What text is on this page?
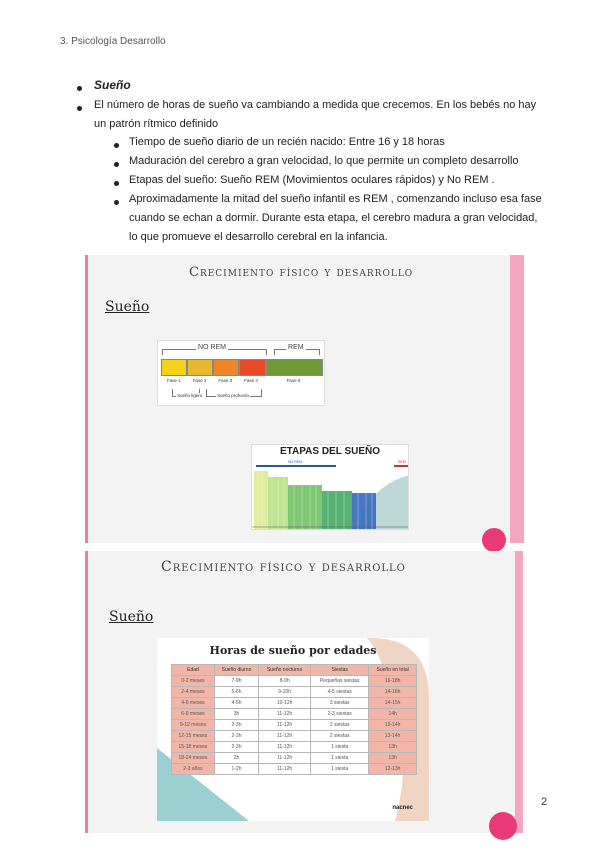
3. Psicología Desarrollo
Sueño
El número de horas de sueño va cambiando a medida que crecemos. En los bebés no hay
un patrón rítmico definido
Tiempo de sueño diario de un recién nacido: Entre 16 y 18 horas
Maduración del cerebro a gran velocidad, lo que permite un completo desarrollo
Etapas del sueño: Sueño REM (Movimientos oculares rápidos) y No REM .
Aproximadamente la mitad del sueño infantil es REM , comenzando incluso esa fase
cuando se echan a dormir. Durante esta etapa, el cerebro madura a gran velocidad,
lo que promueve el desarrollo cerebral en la infancia.
Crecimiento físico y desarrollo
Sueño
NO REM	REM
Fase 1	Fase 2	Fase 3	Fase 4	Fase 5
Sueño ligero	Sueño profundo
ETAPAS DEL SUEÑO
NO REM	REM
Crecimiento físico y desarrollo
Sueño
Horas de sueño por edades
Edad	Sueño diurno	Sueño nocturno	Siestas	Sueño en total
0-2 meses	7-9h	8-9h	Pequeñas siestas	16-18h
2-4 meses	5-6h	9-10h	4-5 siestas	14-16h
4-6 meses	4-5h	10-12h	3 siestas	14-15h
6-9 meses	3h	11-12h	2-3 siestas	14h
9-12 meses	2-3h	11-12h	2 siestas	13-14h
12-15 meses	2-3h	11-12h	2 siestas	13-14h
15-18 meses	2-3h	11-12h	1 siesta	13h
18-24 meses	2h	11-12h	1 siesta	13h
2-3 años	1-2h	11-12h	1 siesta	12-13h
nacnec	2
